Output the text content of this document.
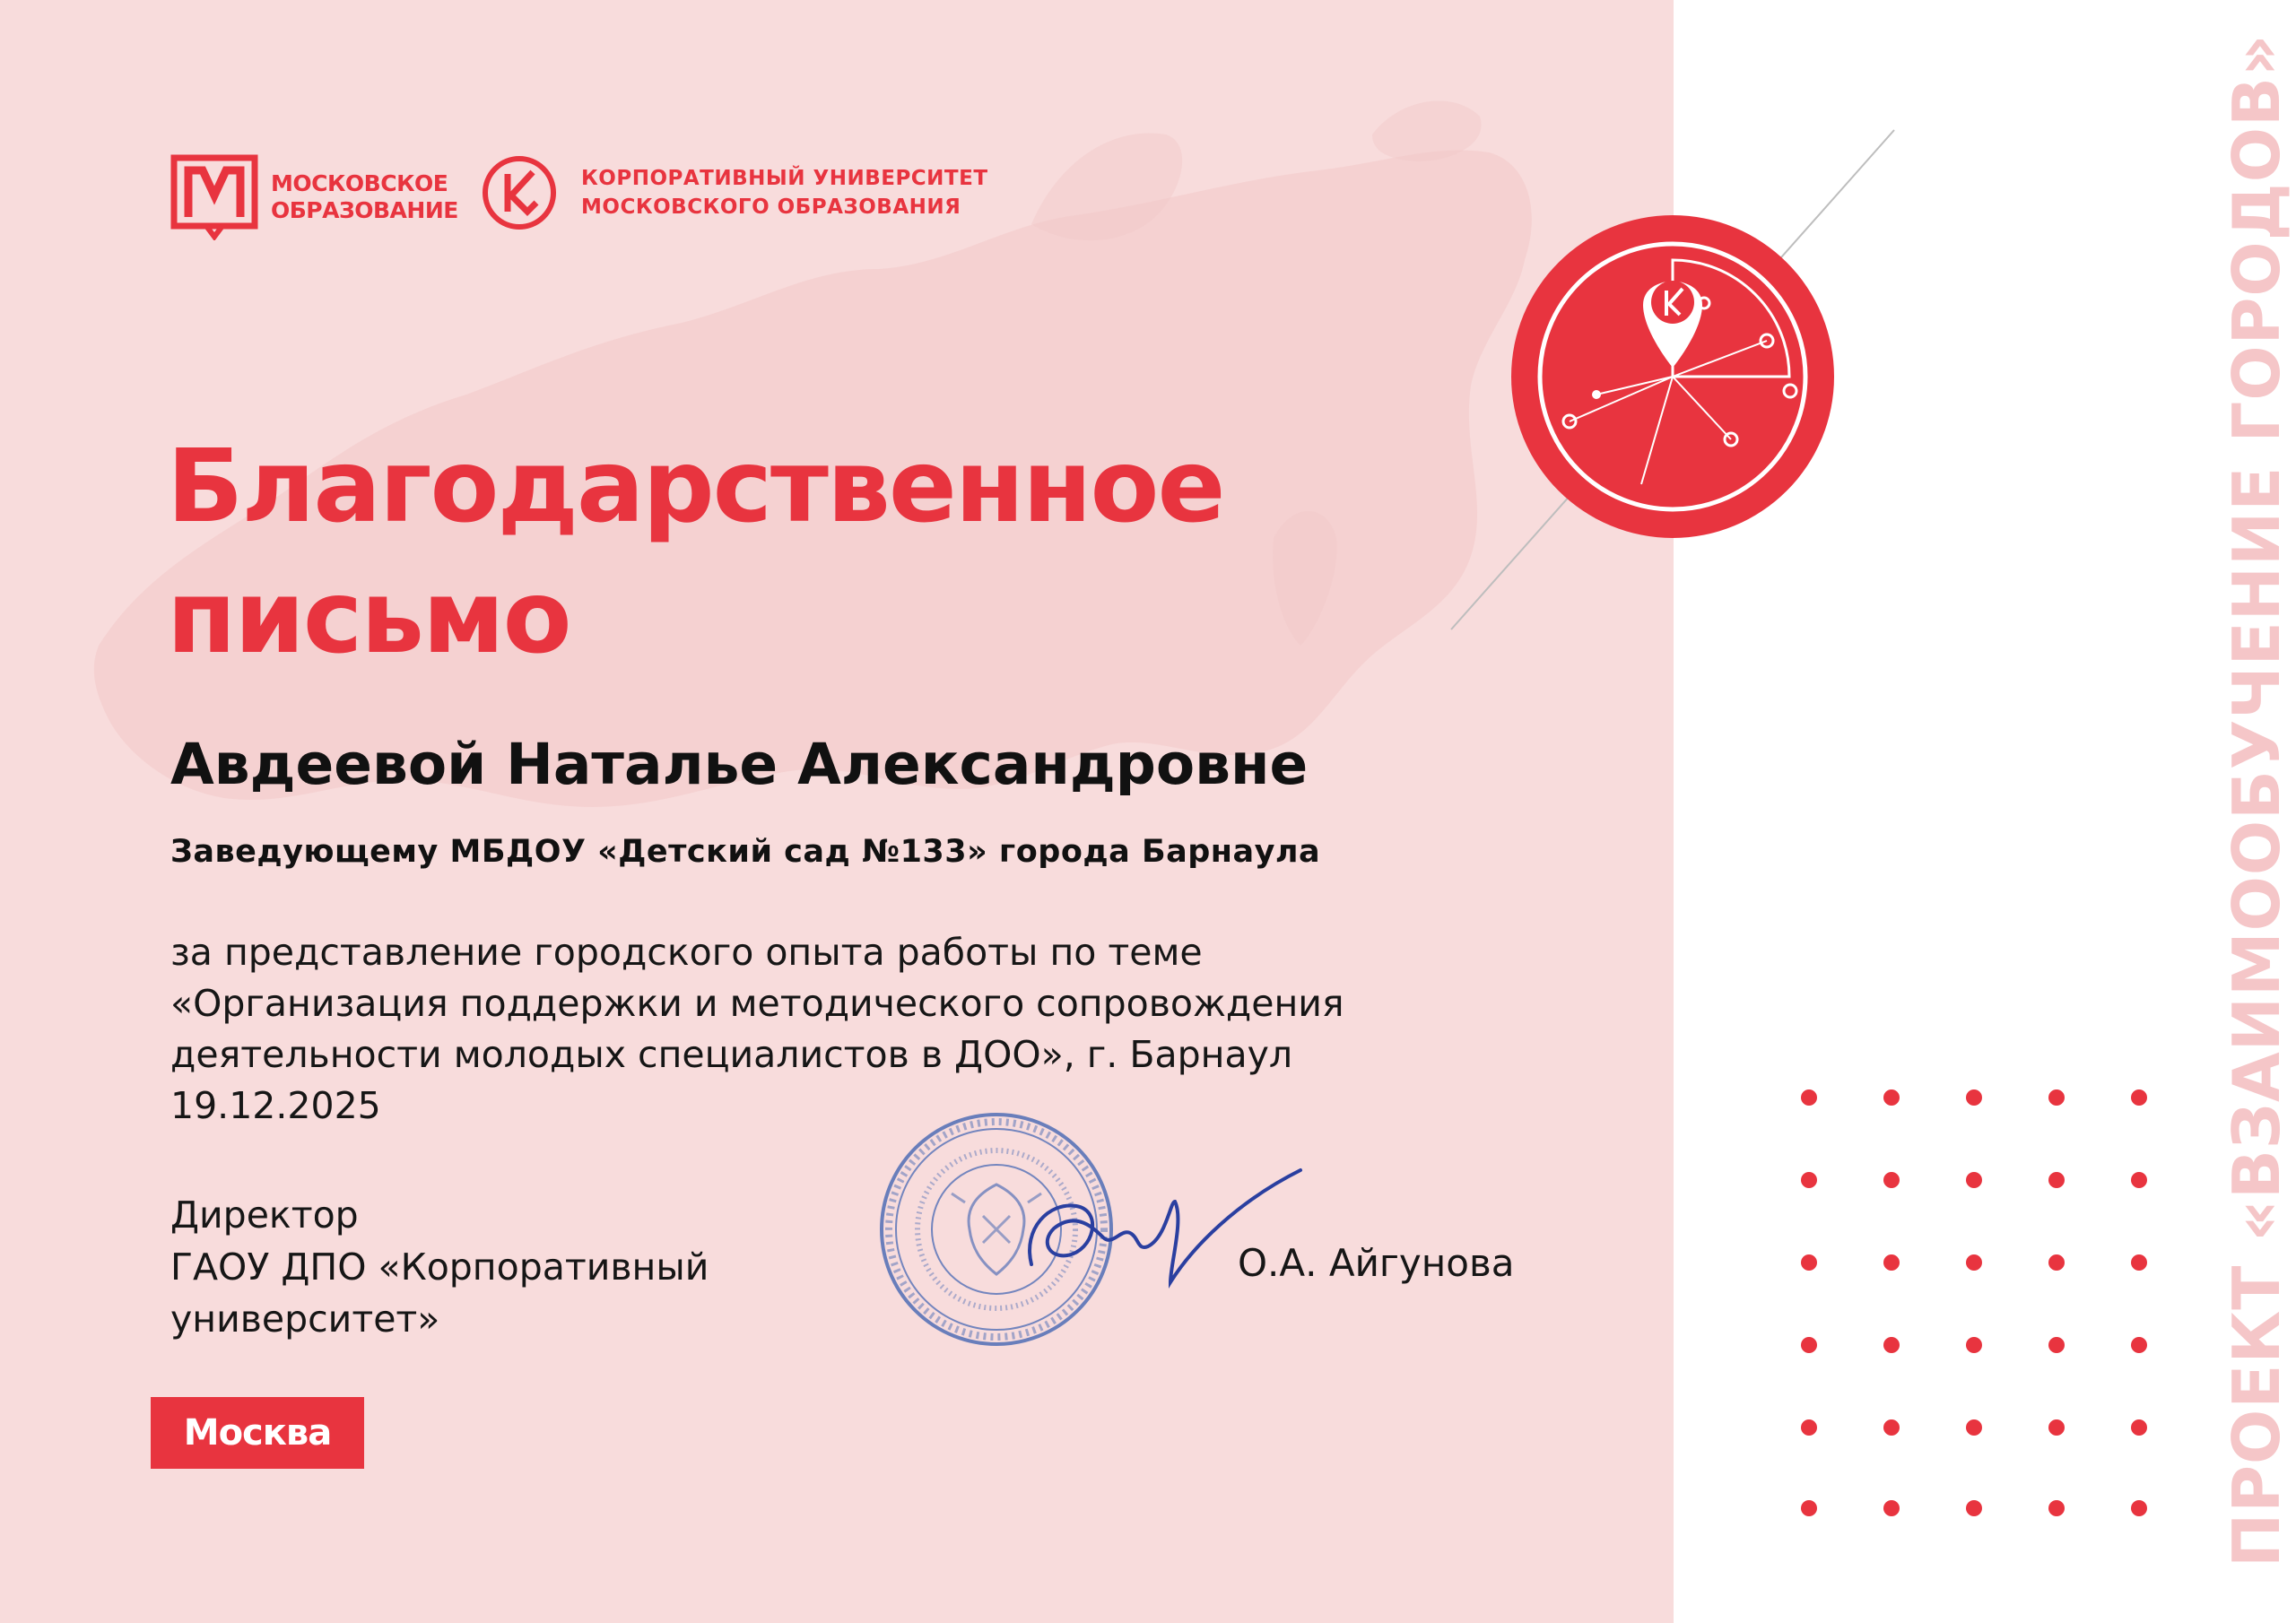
МОСКОВСКОЕ
ОБРАЗОВАНИЕ
КОРПОРАТИВНЫЙ УНИВЕРСИТЕТ
МОСКОВСКОГО ОБРАЗОВАНИЯ
Благодарственное
письмо
Авдеевой Наталье Александровне
Заведующему МБДОУ «Детский сад №133» города Барнаула
за представление городского опыта работы по теме
«Организация поддержки и методического сопровождения
деятельности молодых специалистов в ДОО», г. Барнаул
19.12.2025
Директор
ГАОУ ДПО «Корпоративный
университет»
О.А. Айгунова
Москва	ПРОЕКТ «ВЗАИМООБУЧЕНИЕ ГОРОДОВ»
